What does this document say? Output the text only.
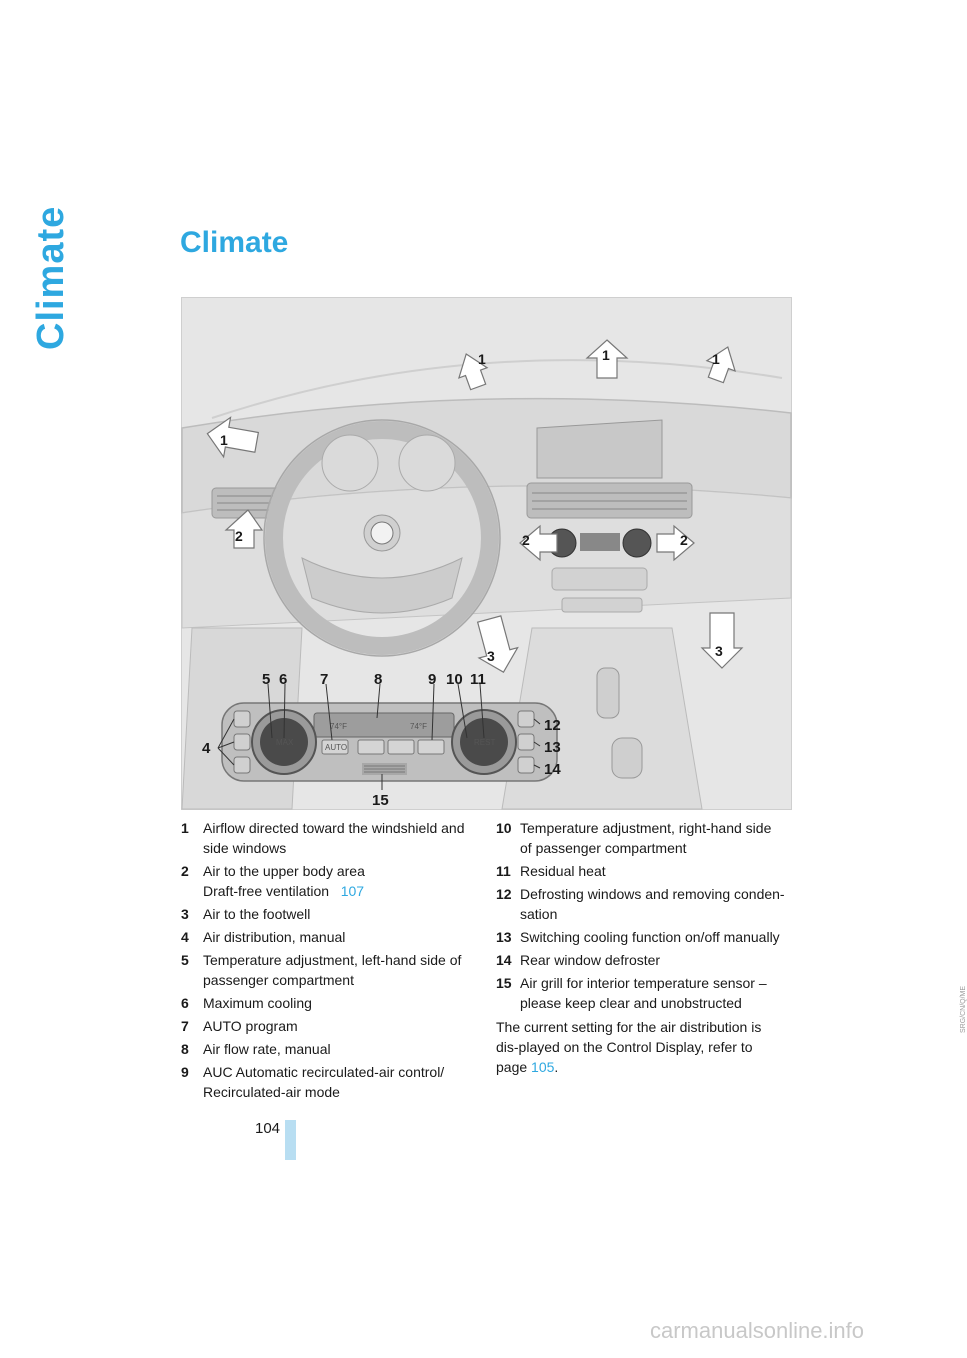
Climate	Climate
1	1	1
1
2	2	2
3	3
74°F	74°F
MAX
AUTO
REST
5 6 7	8	9 10 11
12
13
14
15
4
SRG/CN/Q/ME
1 Airflow directed toward the windshield and side windows
2 Air to the upper body area
Draft-free ventilation 107
3 Air to the footwell
4 Air distribution, manual
5 Temperature adjustment, left-hand side of passenger compartment
6 Maximum cooling
7 AUTO program
8 Air flow rate, manual
9 AUC Automatic recirculated-air control/ Recirculated-air mode
10 Temperature adjustment, right-hand side of passenger compartment
11 Residual heat
12 Defrosting windows and removing conden-sation
13 Switching cooling function on/off manually
14 Rear window defroster
15 Air grill for interior temperature sensor – please keep clear and unobstructed
The current setting for the air distribution is dis-played on the Control Display, refer to page 105.
104
carmanualsonline.info
